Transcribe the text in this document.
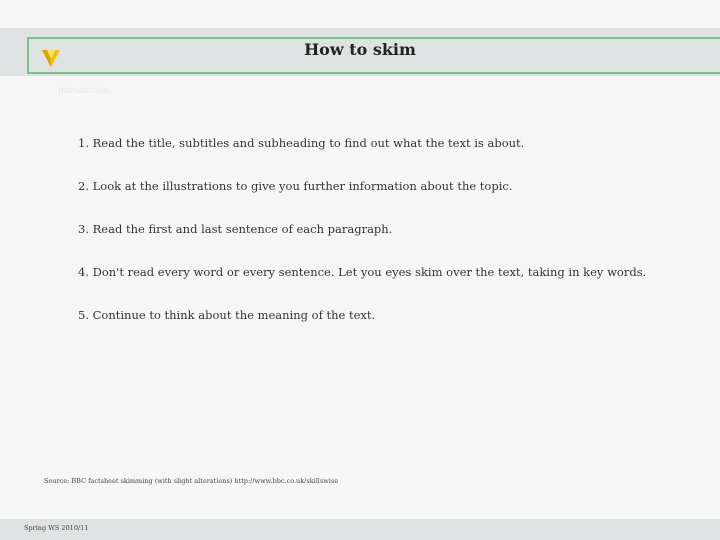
How to skim
Introduction
1. Read the title, subtitles and subheading to find out what the text is about.
2. Look at the illustrations to give you further information about the topic.
3. Read the first and last sentence of each paragraph.
4. Don't read every word or every sentence. Let you eyes skim over the text, taking in key words.
5. Continue to think about the meaning of the text.
Source: BBC factsheet skimming (with slight alterations) http://www.bbc.co.uk/skillswise
Spring WS 2010/11
